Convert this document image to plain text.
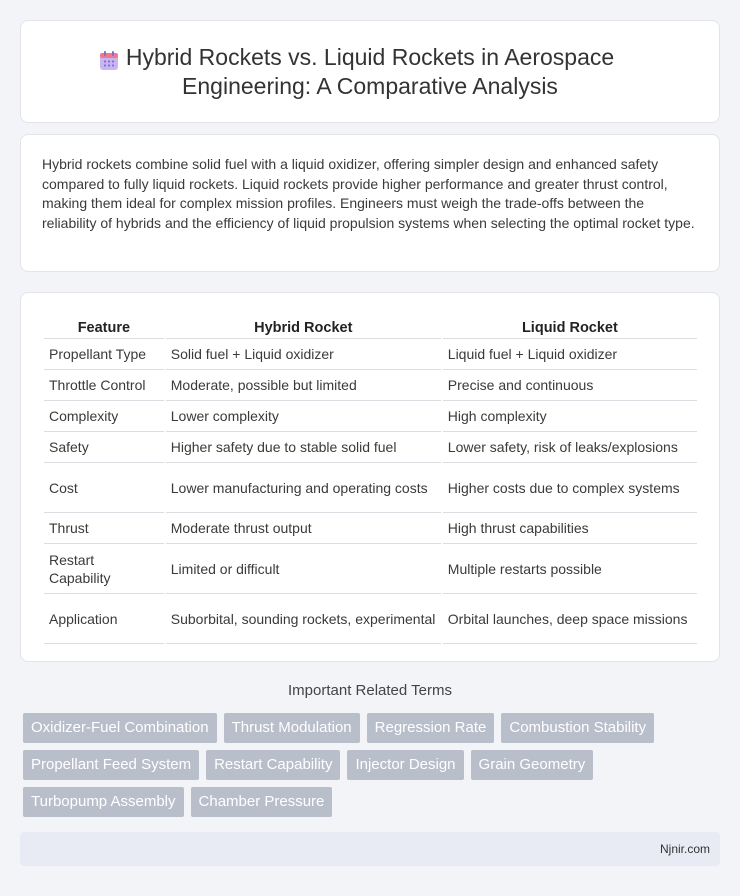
Hybrid Rockets vs. Liquid Rockets in Aerospace Engineering: A Comparative Analysis

Hybrid rockets combine solid fuel with a liquid oxidizer, offering simpler design and enhanced safety compared to fully liquid rockets. Liquid rockets provide higher performance and greater thrust control, making them ideal for complex mission profiles. Engineers must weigh the trade-offs between the reliability of hybrids and the efficiency of liquid propulsion systems when selecting the optimal rocket type.

Feature	Hybrid Rocket	Liquid Rocket
Propellant Type	Solid fuel + Liquid oxidizer	Liquid fuel + Liquid oxidizer
Throttle Control	Moderate, possible but limited	Precise and continuous
Complexity	Lower complexity	High complexity
Safety	Higher safety due to stable solid fuel	Lower safety, risk of leaks/explosions
Cost	Lower manufacturing and operating costs	Higher costs due to complex systems
Thrust	Moderate thrust output	High thrust capabilities
Restart Capability	Limited or difficult	Multiple restarts possible
Application	Suborbital, sounding rockets, experimental	Orbital launches, deep space missions
Important Related Terms
Oxidizer-Fuel Combination	Thrust Modulation	Regression Rate	Combustion Stability
Propellant Feed System	Restart Capability	Injector Design	Grain Geometry
Turbopump Assembly	Chamber Pressure
Njnir.com
